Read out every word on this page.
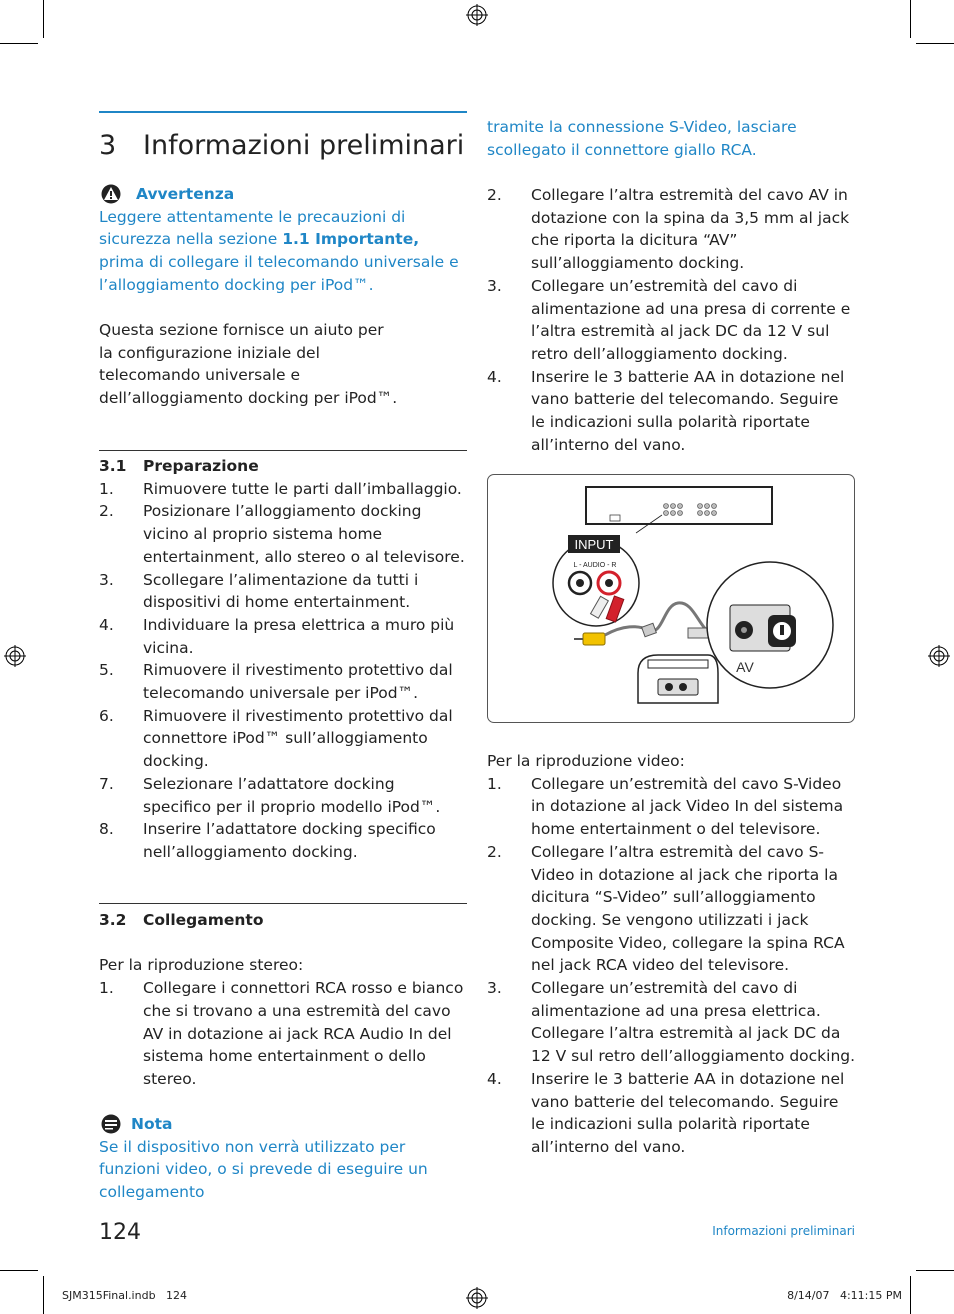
3 Informazioni preliminari
Avvertenza

Leggere attentamente le precauzioni di sicurezza nella sezione 1.1 Importante, prima di collegare il telecomando universale e l’alloggiamento docking per iPod™.

Questa sezione fornisce un aiuto per la configurazione iniziale del telecomando universale e dell’alloggiamento docking per iPod™.

3.1 Preparazione
1. Rimuovere tutte le parti dall’imballaggio.
2. Posizionare l’alloggiamento docking vicino al proprio sistema home entertainment, allo stereo o al televisore.
3. Scollegare l’alimentazione da tutti i dispositivi di home entertainment.
4. Individuare la presa elettrica a muro più vicina.
5. Rimuovere il rivestimento protettivo dal telecomando universale per iPod™.
6. Rimuovere il rivestimento protettivo dal connettore iPod™ sull’alloggiamento docking.
7. Selezionare l’adattatore docking specifico per il proprio modello iPod™.
8. Inserire l’adattatore docking specifico nell’alloggiamento docking.
3.2 Collegamento

Per la riproduzione stereo:

1. Collegare i connettori RCA rosso e bianco che si trovano a una estremità del cavo AV in dotazione ai jack RCA Audio In del sistema home entertainment o dello stereo.
Nota

Se il dispositivo non verrà utilizzato per funzioni video, o si prevede di eseguire un collegamento

tramite la connessione S-Video, lasciare scollegato il connettore giallo RCA.

2. Collegare l’altra estremità del cavo AV in dotazione con la spina da 3,5 mm al jack che riporta la dicitura “AV” sull’alloggiamento docking.
3. Collegare un’estremità del cavo di alimentazione ad una presa di corrente e l’altra estremità al jack DC da 12 V sul retro dell’alloggiamento docking.
4. Inserire le 3 batterie AA in dotazione nel vano batterie del telecomando. Seguire le indicazioni sulla polarità riportate all’interno del vano.
INPUT
L - AUDIO - R
AV

Per la riproduzione video:

1. Collegare un’estremità del cavo S-Video in dotazione al jack Video In del sistema home entertainment o del televisore.
2. Collegare l’altra estremità del cavo S-Video in dotazione al jack che riporta la dicitura “S-Video” sull’alloggiamento docking. Se vengono utilizzati i jack Composite Video, collegare la spina RCA nel jack RCA video del televisore.
3. Collegare un’estremità del cavo di alimentazione ad una presa elettrica. Collegare l’altra estremità al jack DC da 12 V sul retro dell’alloggiamento docking.
4. Inserire le 3 batterie AA in dotazione nel vano batterie del telecomando. Seguire le indicazioni sulla polarità riportate all’interno del vano.
124	Informazioni preliminari
SJM315Final.indb   124	8/14/07   4:11:15 PM
